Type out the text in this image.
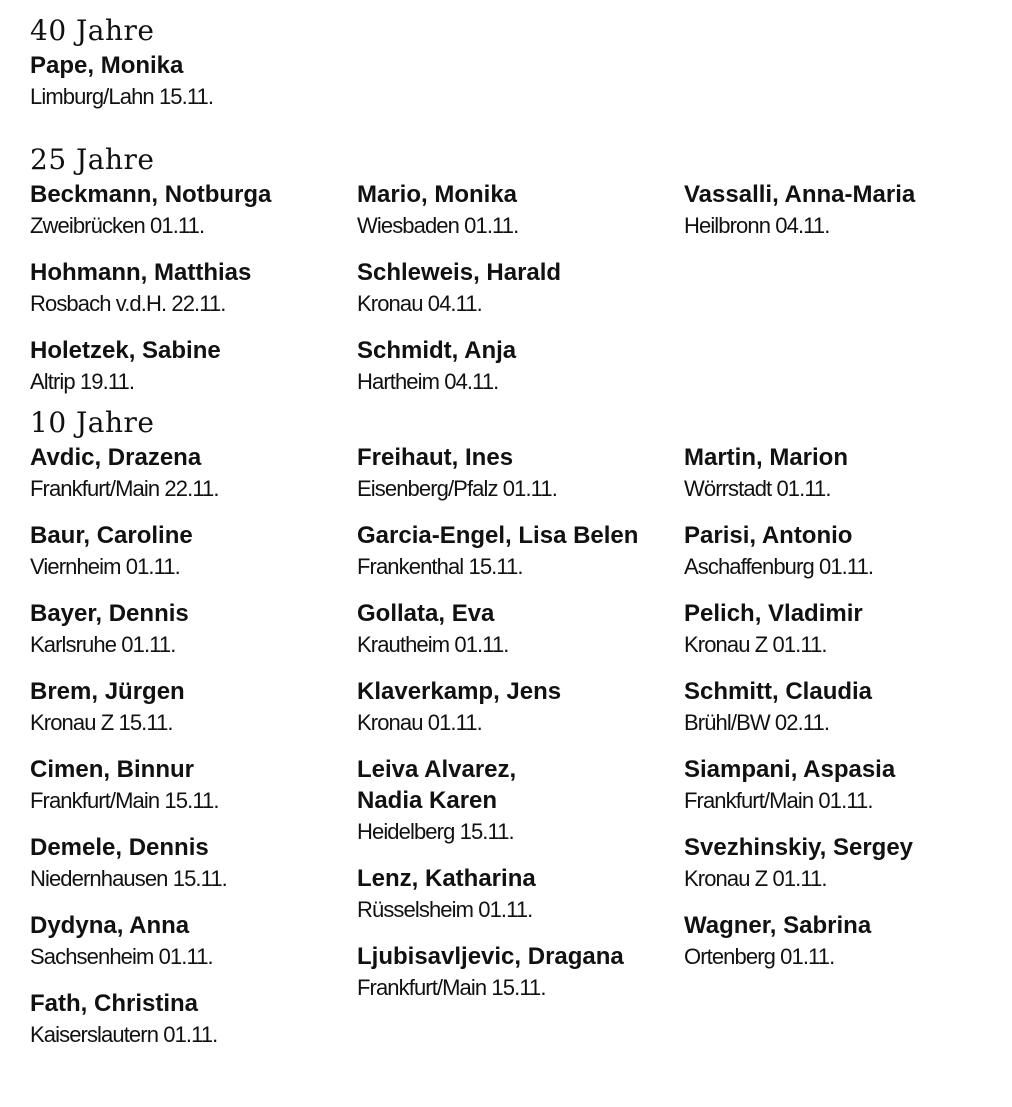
40 Jahre
Pape, Monika
Limburg/Lahn 15.11.
25 Jahre
Beckmann, Notburga
Zweibrücken 01.11.
Hohmann, Matthias
Rosbach v.d.H. 22.11.
Holetzek, Sabine
Altrip 19.11.
Mario, Monika
Wiesbaden 01.11.
Schleweis, Harald
Kronau 04.11.
Schmidt, Anja
Hartheim 04.11.
Vassalli, Anna-Maria
Heilbronn 04.11.
10 Jahre
Avdic, Drazena
Frankfurt/Main 22.11.
Baur, Caroline
Viernheim 01.11.
Bayer, Dennis
Karlsruhe 01.11.
Brem, Jürgen
Kronau Z 15.11.
Cimen, Binnur
Frankfurt/Main 15.11.
Demele, Dennis
Niedernhausen 15.11.
Dydyna, Anna
Sachsenheim 01.11.
Fath, Christina
Kaiserslautern 01.11.
Freihaut, Ines
Eisenberg/Pfalz 01.11.
Garcia-Engel, Lisa Belen
Frankenthal 15.11.
Gollata, Eva
Krautheim 01.11.
Klaverkamp, Jens
Kronau 01.11.
Leiva Alvarez,
Nadia Karen
Heidelberg 15.11.
Lenz, Katharina
Rüsselsheim 01.11.
Ljubisavljevic, Dragana
Frankfurt/Main 15.11.
Martin, Marion
Wörrstadt 01.11.
Parisi, Antonio
Aschaffenburg 01.11.
Pelich, Vladimir
Kronau Z 01.11.
Schmitt, Claudia
Brühl/BW 02.11.
Siampani, Aspasia
Frankfurt/Main 01.11.
Svezhinskiy, Sergey
Kronau Z 01.11.
Wagner, Sabrina
Ortenberg 01.11.
